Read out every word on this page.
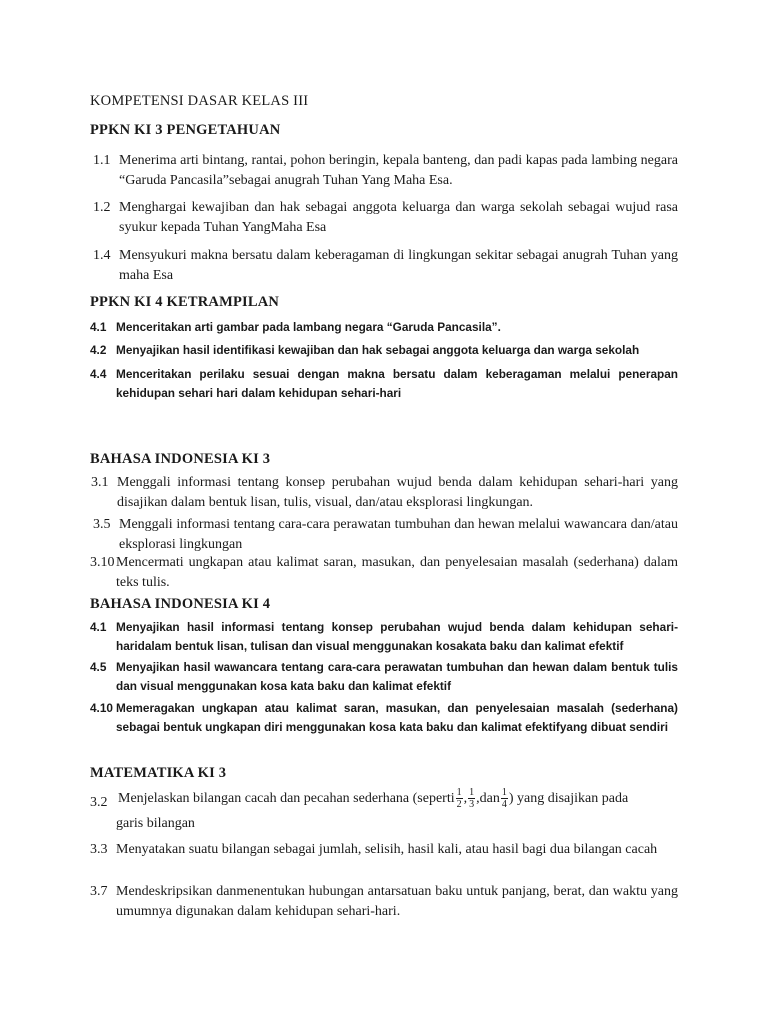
KOMPETENSI DASAR KELAS III
PPKN KI 3 PENGETAHUAN
1.1 Menerima arti bintang, rantai, pohon beringin, kepala banteng, dan padi kapas pada lambing negara “Garuda Pancasila”sebagai anugrah Tuhan Yang Maha Esa.
1.2 Menghargai kewajiban dan hak sebagai anggota keluarga dan warga sekolah sebagai wujud rasa syukur kepada Tuhan YangMaha Esa
1.4 Mensyukuri makna bersatu dalam keberagaman di lingkungan sekitar sebagai anugrah Tuhan yang maha Esa
PPKN KI 4 KETRAMPILAN
4.1 Menceritakan arti gambar pada lambang negara “Garuda Pancasila”.
4.2 Menyajikan hasil identifikasi kewajiban dan hak sebagai anggota keluarga dan warga sekolah
4.4 Menceritakan perilaku sesuai dengan makna bersatu dalam keberagaman melalui penerapan kehidupan sehari hari dalam kehidupan sehari-hari
BAHASA INDONESIA KI 3
3.1 Menggali informasi tentang konsep perubahan wujud benda dalam kehidupan sehari-hari yang disajikan dalam bentuk lisan, tulis, visual, dan/atau eksplorasi lingkungan.
3.5 Menggali informasi tentang cara-cara perawatan tumbuhan dan hewan melalui wawancara dan/atau eksplorasi lingkungan
3.10 Mencermati ungkapan atau kalimat saran, masukan, dan penyelesaian masalah (sederhana) dalam teks tulis.
BAHASA INDONESIA KI 4
4.1 Menyajikan hasil informasi tentang konsep perubahan wujud benda dalam kehidupan sehari-haridalam bentuk lisan, tulisan dan visual menggunakan kosakata baku dan kalimat efektif
4.5 Menyajikan hasil wawancara tentang cara-cara perawatan tumbuhan dan hewan dalam bentuk tulis dan visual menggunakan kosa kata baku dan kalimat efektif
4.10 Memeragakan ungkapan atau kalimat saran, masukan, dan penyelesaian masalah (sederhana) sebagai bentuk ungkapan diri menggunakan kosa kata baku dan kalimat efektifyang dibuat sendiri
MATEMATIKA KI 3
3.2 Menjelaskan bilangan cacah dan pecahan sederhana (seperti $\frac{1}{2}$ , $\frac{1}{3} ,dan \frac{1}{4}$ ) yang disajikan pada
garis bilangan
3.3 Menyatakan suatu bilangan sebagai jumlah, selisih, hasil kali, atau hasil bagi dua bilangan cacah
3.7 Mendeskripsikan danmenentukan hubungan antarsatuan baku untuk panjang, berat, dan waktu yang umumnya digunakan dalam kehidupan sehari-hari.
